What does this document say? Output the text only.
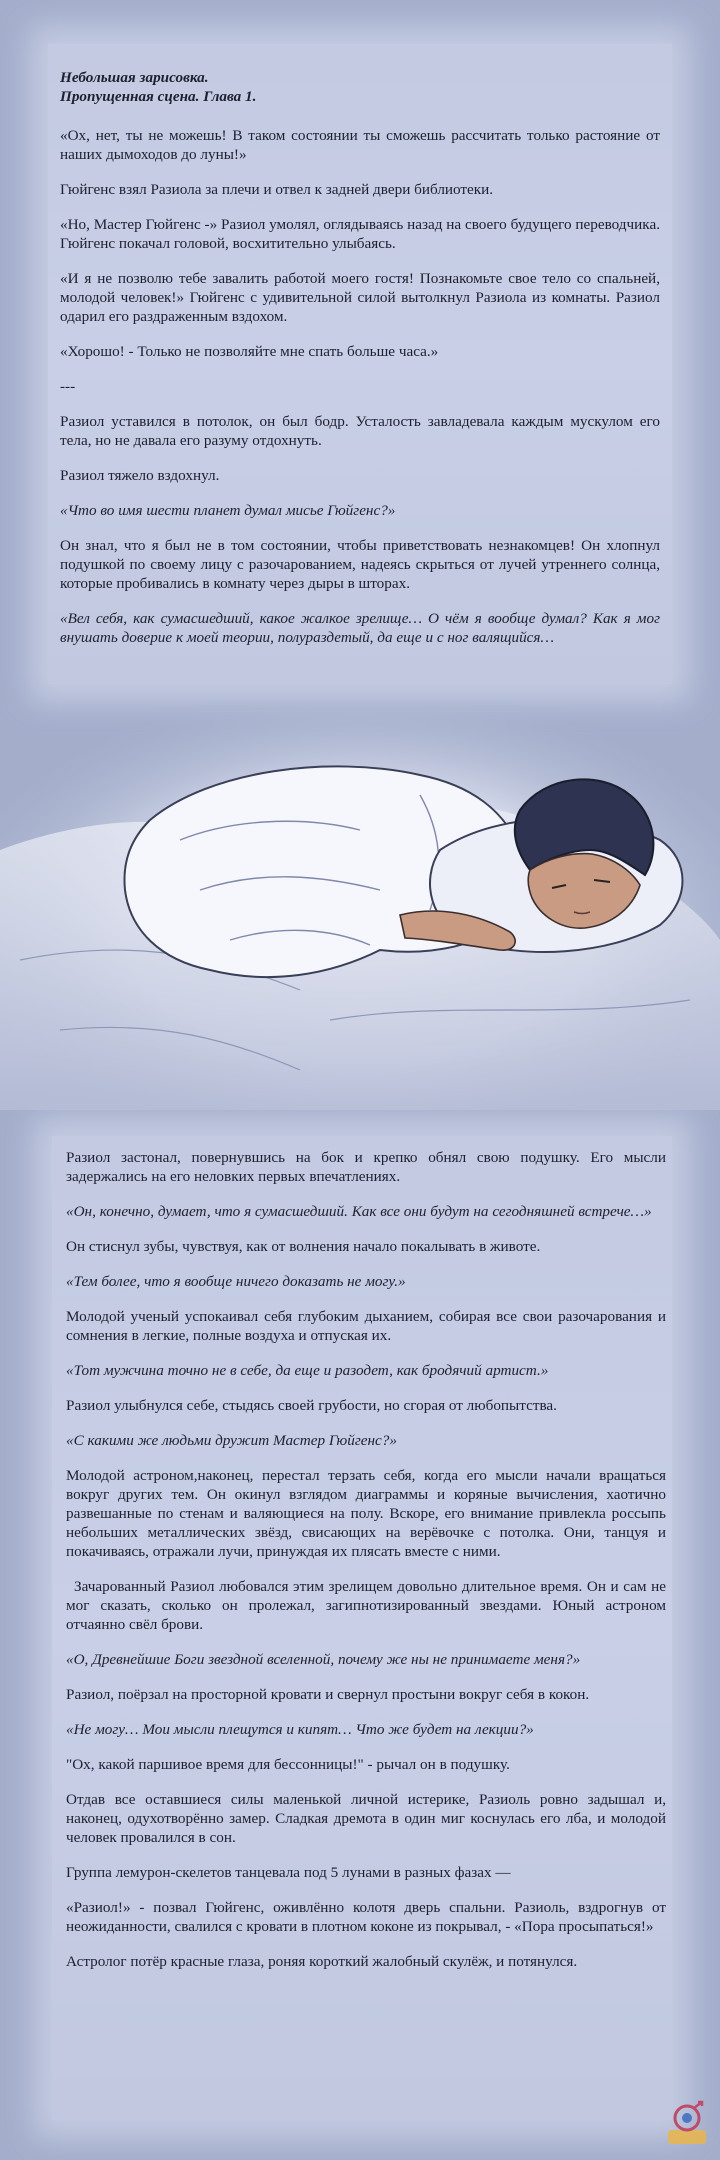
Небольшая зарисовка.
Пропущенная сцена. Глава 1.

«Ох, нет, ты не можешь! В таком состоянии ты сможешь рассчитать только растояние от наших дымоходов до луны!»

Гюйгенс взял Разиола за плечи и отвел к задней двери библиотеки.

«Но, Мастер Гюйгенс -» Разиол умолял, оглядываясь назад на своего будущего переводчика. Гюйгенс покачал головой, восхитительно улыбаясь.

«И я не позволю тебе завалить работой моего гостя! Познакомьте свое тело со спальней, молодой человек!» Гюйгенс с удивительной силой вытолкнул Разиола из комнаты. Разиол одарил его раздраженным вздохом.

«Хорошо! - Только не позволяйте мне спать больше часа.»

---

Разиол уставился в потолок, он был бодр. Усталость завладевала каждым мускулом его тела, но не давала его разуму отдохнуть.

Разиол тяжело вздохнул.

«Что во имя шести планет думал мисье Гюйгенс?»

Он знал, что я был не в том состоянии, чтобы приветствовать незнакомцев! Он хлопнул подушкой по своему лицу с разочарованием, надеясь скрыться от лучей утреннего солнца, которые пробивались в комнату через дыры в шторах.

«Вел себя, как сумасшедший, какое жалкое зрелище… О чём я вообще думал? Как я мог внушать доверие к моей теории, полураздетый, да еще и с ног валящийся…

Разиол застонал, повернувшись на бок и крепко обнял свою подушку. Его мысли задержались на его неловких первых впечатлениях.

«Он, конечно, думает, что я сумасшедший. Как все они будут на сегодняшней встрече…»

Он стиснул зубы, чувствуя, как от волнения начало покалывать в животе.

«Тем более, что я вообще ничего доказать не могу.»

Молодой ученый успокаивал себя глубоким дыханием, собирая все свои разочарования и сомнения в легкие, полные воздуха и отпуская их.

«Тот мужчина точно не в себе, да еще и разодет, как бродячий артист.»

Разиол улыбнулся себе, стыдясь своей грубости, но сгорая от любопытства.

«С какими же людьми дружит Мастер Гюйгенс?»

Молодой астроном,наконец, перестал терзать себя, когда его мысли начали вращаться вокруг других тем. Он окинул взглядом диаграммы и коряные вычисления, хаотично развешанные по стенам и валяющиеся на полу. Вскоре, его внимание привлекла россыпь небольших металлических звёзд, свисающих на верёвочке с потолка. Они, танцуя и покачиваясь, отражали лучи, принуждая их плясать вместе с ними.

Зачарованный Разиол любовался этим зрелищем довольно длительное время. Он и сам не мог сказать, сколько он пролежал, загипнотизированный звездами. Юный астроном отчаянно свёл брови.

«О, Древнейшие Боги звездной вселенной, почему же ны не принимаете меня?»

Разиол, поёрзал на просторной кровати и свернул простыни вокруг себя в кокон.

«Не могу… Мои мысли плещутся и кипят… Что же будет на лекции?»

"Ох, какой паршивое время для бессонницы!" - рычал он в подушку.

Отдав все оставшиеся силы маленькой личной истерике, Разиоль ровно задышал и, наконец, одухотворённо замер. Сладкая дремота в один миг коснулась его лба, и молодой человек провалился в сон.

Группа лемурон-скелетов танцевала под 5 лунами в разных фазах —

«Разиол!» - позвал Гюйгенс, оживлённо колотя дверь спальни. Разиоль, вздрогнув от неожиданности, свалился с кровати в плотном коконе из покрывал, - «Пора просыпаться!»

Астролог потёр красные глаза, роняя короткий жалобный скулёж, и потянулся.
